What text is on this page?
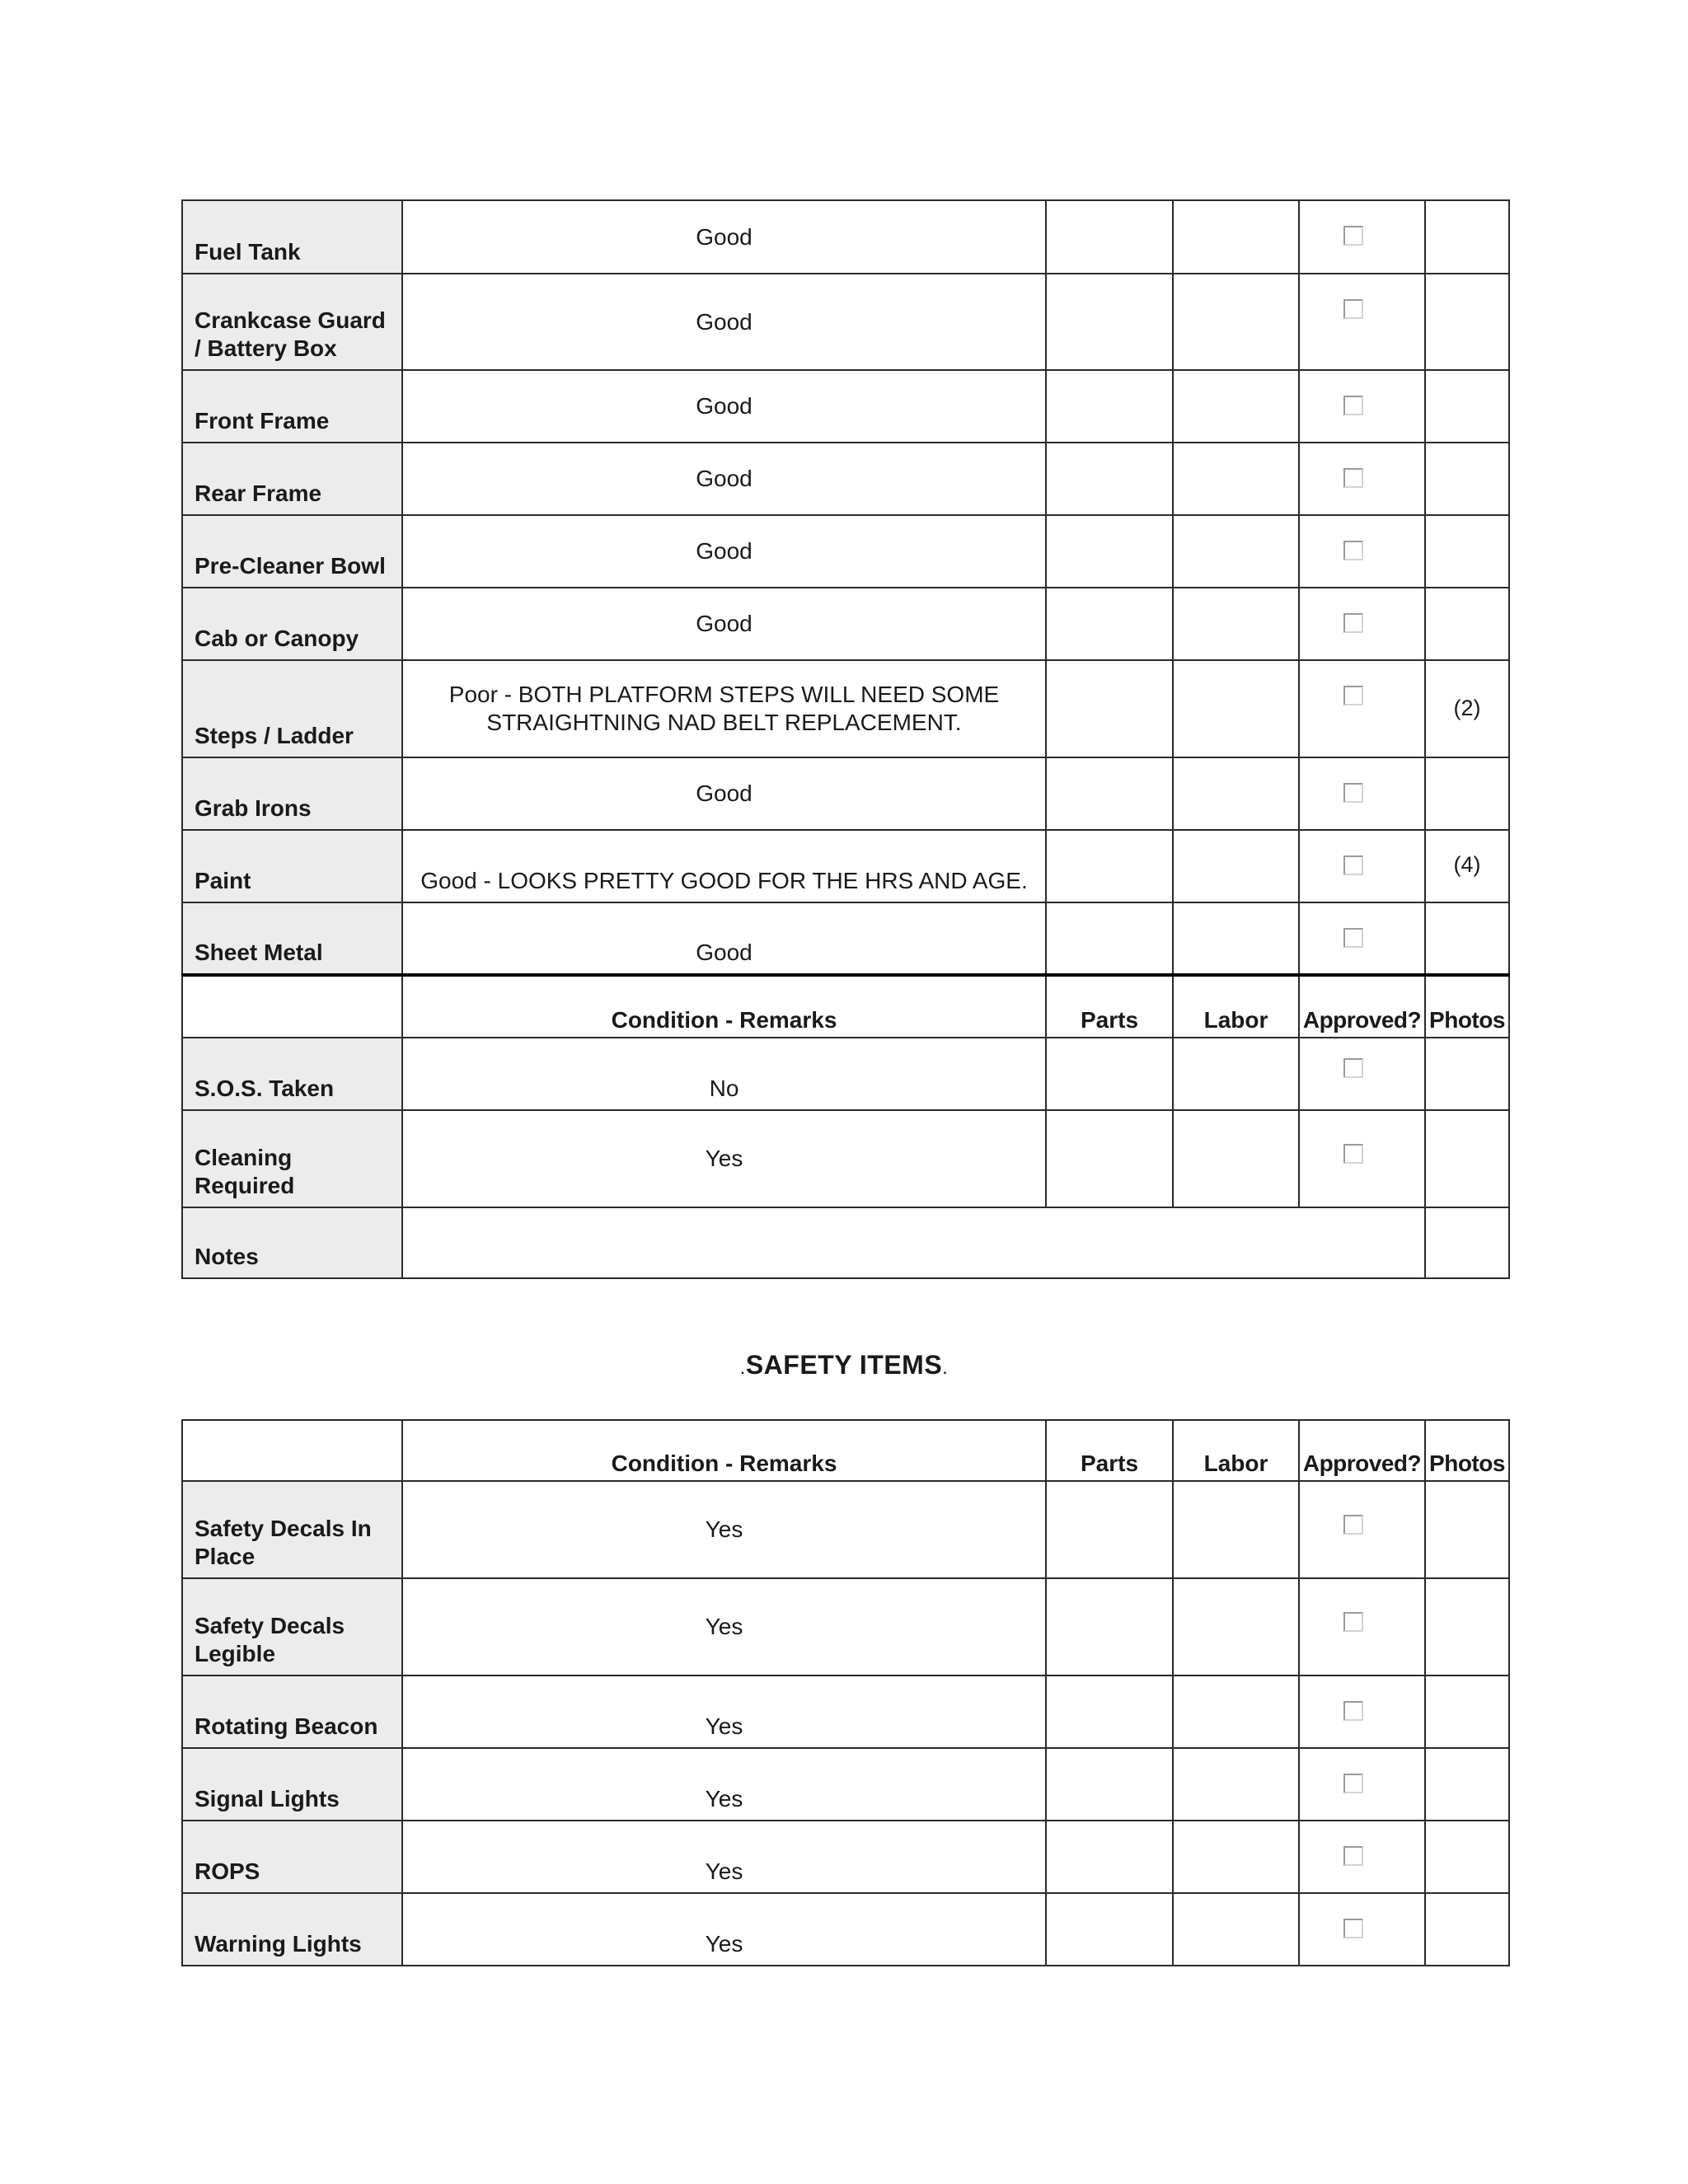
Fuel Tank	Good			

Crankcase Guard / Battery Box	Good			

Front Frame	Good			

Rear Frame	Good			

Pre-Cleaner Bowl	Good			

Cab or Canopy	Good			

Steps / Ladder	Poor - BOTH PLATFORM STEPS WILL NEED SOME STRAIGHTNING NAD BELT REPLACEMENT.				(2)
Grab Irons	Good			

Paint	Good - LOOKS PRETTY GOOD FOR THE HRS AND AGE.				(4)
Sheet Metal	Good			

	Condition - Remarks	Parts	Labor	Approved?	Photos
S.O.S. Taken	No			

Cleaning Required	Yes			

Notes					
.SAFETY ITEMS.
	Condition - Remarks	Parts	Labor	Approved?	Photos
Safety Decals In Place	Yes			

Safety Decals Legible	Yes			

Rotating Beacon	Yes			

Signal Lights	Yes			

ROPS	Yes			

Warning Lights	Yes			
